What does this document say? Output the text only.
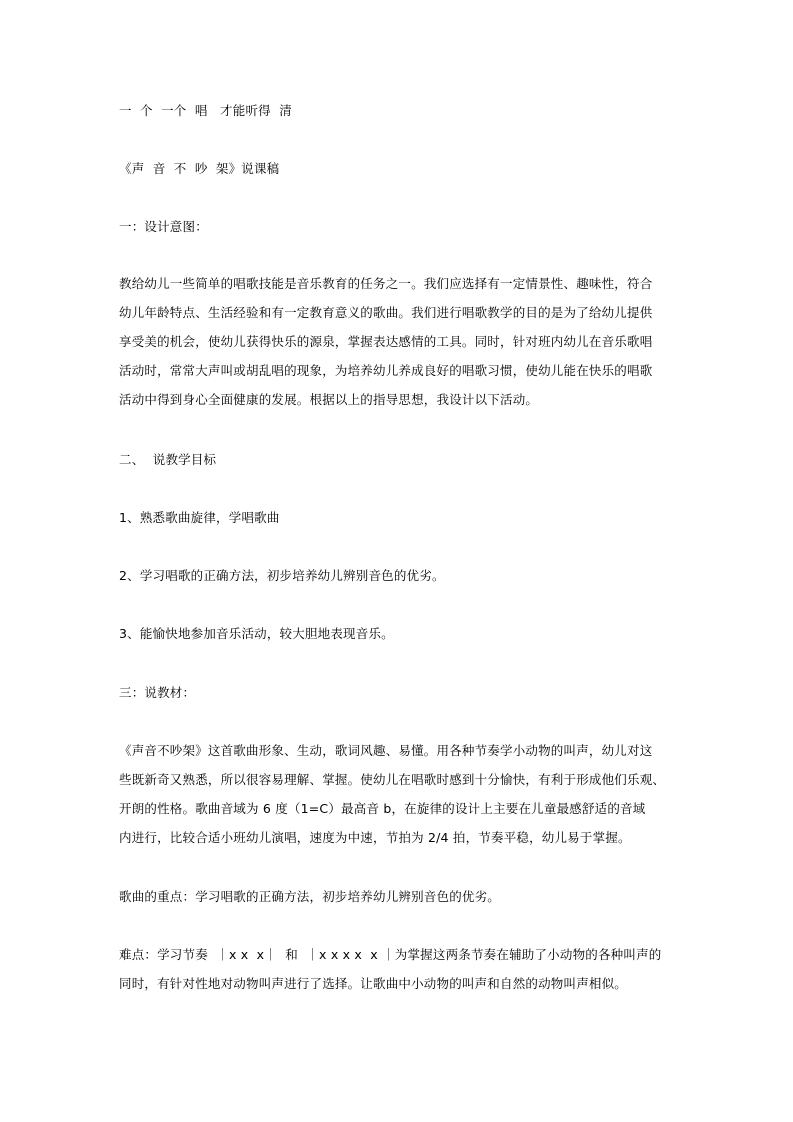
一  个  一个  唱   才能听得  清
《声  音  不  吵  架》说课稿
一：设计意图：
教给幼儿一些简单的唱歌技能是音乐教育的任务之一。我们应选择有一定情景性、趣味性，符合
幼儿年龄特点、生活经验和有一定教育意义的歌曲。我们进行唱歌教学的目的是为了给幼儿提供
享受美的机会，使幼儿获得快乐的源泉，掌握表达感情的工具。同时，针对班内幼儿在音乐歌唱
活动时，常常大声叫或胡乱唱的现象，为培养幼儿养成良好的唱歌习惯，使幼儿能在快乐的唱歌
活动中得到身心全面健康的发展。根据以上的指导思想，我设计以下活动。
二、  说教学目标
1、熟悉歌曲旋律，学唱歌曲
2、学习唱歌的正确方法，初步培养幼儿辨别音色的优劣。
3、能愉快地参加音乐活动，较大胆地表现音乐。
三：说教材：
《声音不吵架》这首歌曲形象、生动，歌词风趣、易懂。用各种节奏学小动物的叫声，幼儿对这
些既新奇又熟悉，所以很容易理解、掌握。使幼儿在唱歌时感到十分愉快，有利于形成他们乐观、
开朗的性格。歌曲音域为 6 度（1=C）最高音 b，在旋律的设计上主要在儿童最感舒适的音域
内进行，比较合适小班幼儿演唱，速度为中速，节拍为 2/4 拍，节奏平稳，幼儿易于掌握。
歌曲的重点：学习唱歌的正确方法，初步培养幼儿辨别音色的优劣。
难点：学习节奏  ｜x x  x｜  和  ｜x x x x  x ｜为掌握这两条节奏在辅助了小动物的各种叫声的
同时，有针对性地对动物叫声进行了选择。让歌曲中小动物的叫声和自然的动物叫声相似。
